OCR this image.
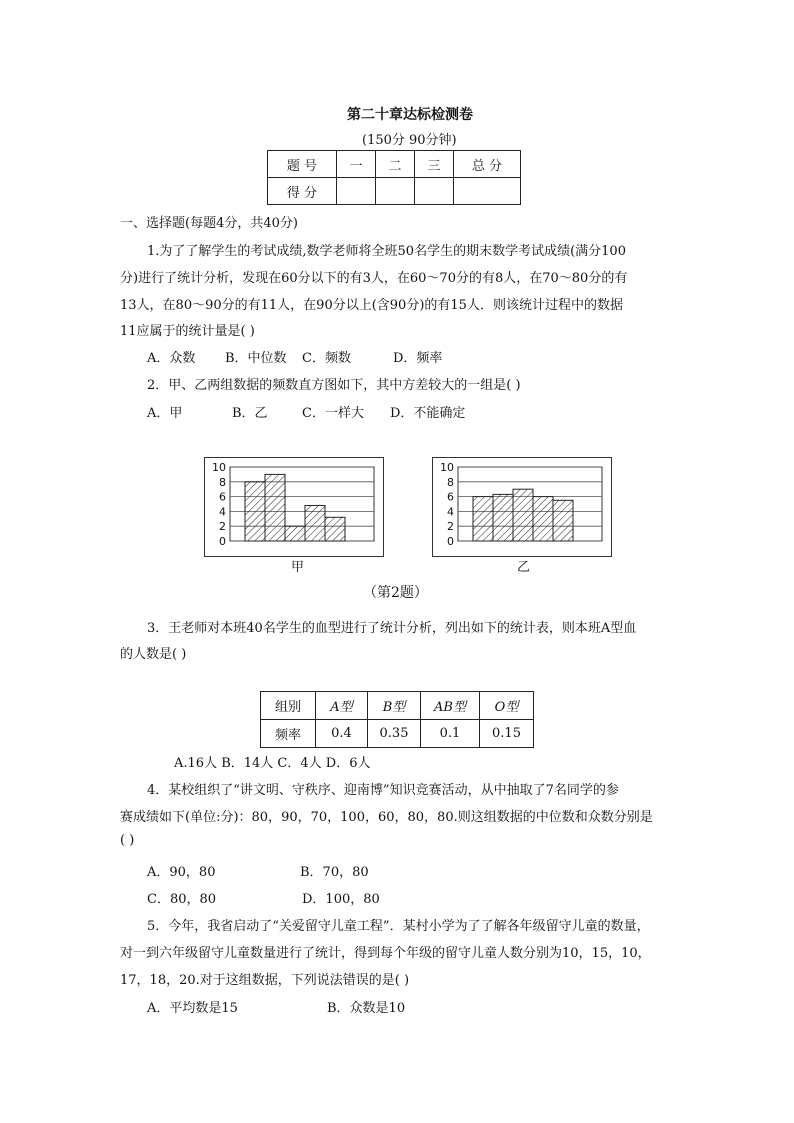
第二十章达标检测卷
(150分 90分钟)
题 号	一	二	三	总 分
得 分				
一、选择题(每题4分，共40分)
1.为了了解学生的考试成绩,数学老师将全班50名学生的期末数学考试成绩(满分100
分)进行了统计分析，发现在60分以下的有3人，在60～70分的有8人，在70～80分的有
13人，在80～90分的有11人，在90分以上(含90分)的有15人．则该统计过程中的数据
11应属于的统计量是( )
A．众数 B．中位数 C．频数	D．频率
2．甲、乙两组数据的频数直方图如下，其中方差较大的一组是( )
A．甲	B．乙	C．一样大 D．不能确定
0
2
4
6
8
10
0
2
4
6
8
10
甲	乙
（第2题）
3．王老师对本班40名学生的血型进行了统计分析，列出如下的统计表，则本班A型血
的人数是( )
组别	A型	B型	AB型	O型
频率	0.4	0.35	0.1	0.15
A.16人 B．14人 C．4人 D．6人
4．某校组织了“讲文明、守秩序、迎南博”知识竞赛活动，从中抽取了7名同学的参
赛成绩如下(单位:分)：80，90，70，100，60，80，80.则这组数据的中位数和众数分别是
( )
A．90，80	B．70，80
C．80，80	D．100，80
5．今年，我省启动了“关爱留守儿童工程”．某村小学为了了解各年级留守儿童的数量，
对一到六年级留守儿童数量进行了统计，得到每个年级的留守儿童人数分别为10，15，10，
17，18，20.对于这组数据，下列说法错误的是( )
A．平均数是15	B．众数是10
